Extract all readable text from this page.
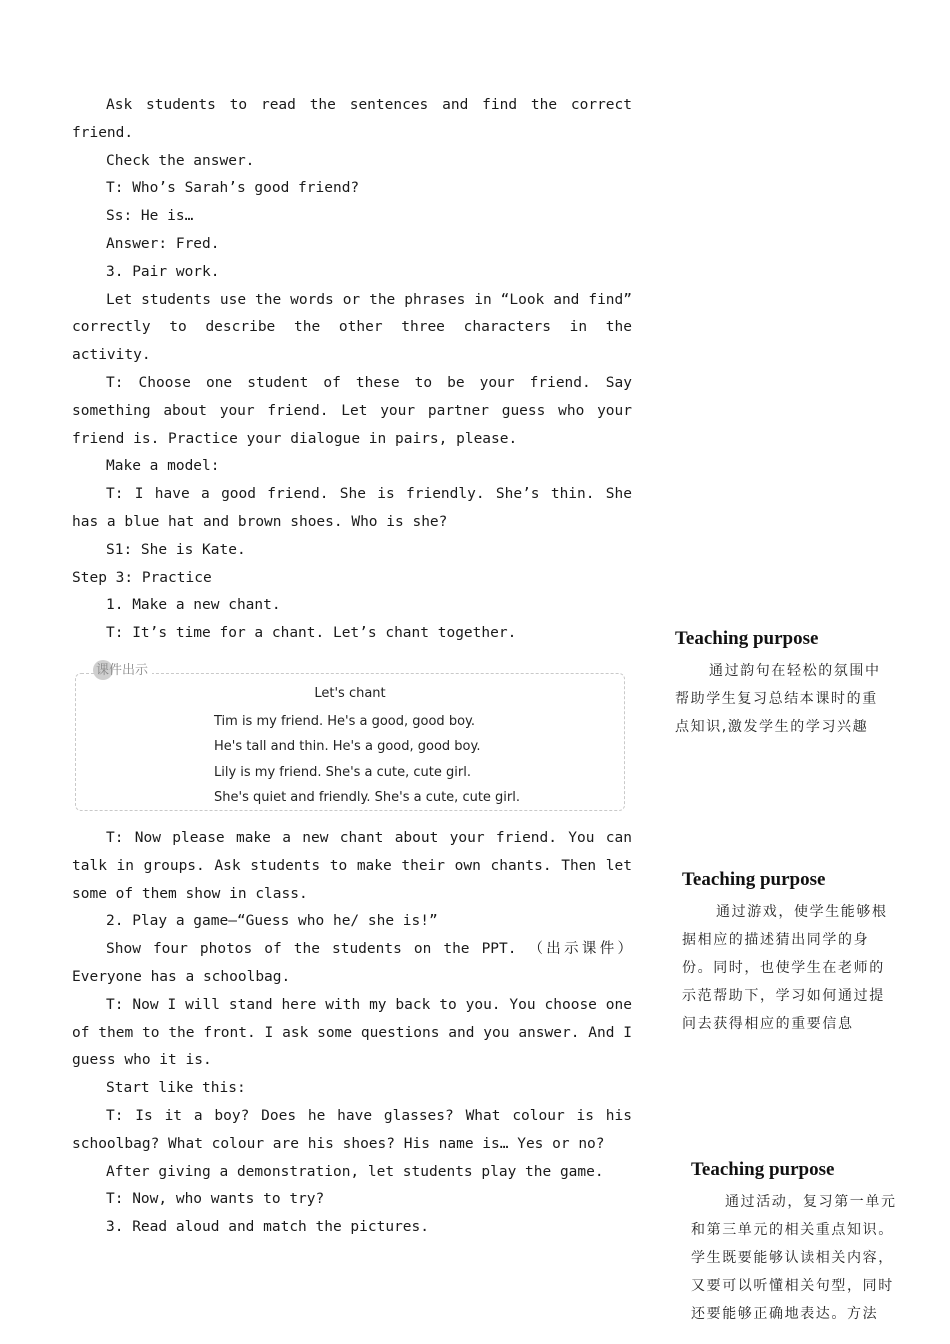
Ask students to read the sentences and find the correct friend.

Check the answer.

T: Who’s Sarah’s good friend?

Ss: He is…

Answer: Fred.

3. Pair work.

Let students use the words or the phrases in “Look and find” correctly to describe the other three characters in the activity.

T: Choose one student of these to be your friend. Say something about your friend. Let your partner guess who your friend is. Practice your dialogue in pairs, please.

Make a model:

T: I have a good friend. She is friendly. She’s thin. She has a blue hat and brown shoes. Who is she?

S1: She is Kate.

Step 3: Practice

1. Make a new chant.

T: It’s time for a chant. Let’s chant together.

课件出示
Let's chant
Tim is my friend. He's a good, good boy.
He's tall and thin. He's a good, good boy.
Lily is my friend. She's a cute, cute girl.
She's quiet and friendly. She's a cute, cute girl.

T: Now please make a new chant about your friend. You can talk in groups. Ask students to make their own chants. Then let some of them show in class.

2. Play a game—“Guess who he/ she is!”

Show four photos of the students on the PPT. （出示课件） Everyone has a schoolbag.

T: Now I will stand here with my back to you. You choose one of them to the front. I ask some questions and you answer. And I guess who it is.

Start like this:

T: Is it a boy? Does he have glasses? What colour is his schoolbag? What colour are his shoes? His name is… Yes or no?

After giving a demonstration, let students play the game.

T: Now, who wants to try?

3. Read aloud and match the pictures.

Teaching purpose

通过韵句在轻松的氛围中帮助学生复习总结本课时的重点知识,激发学生的学习兴趣

Teaching purpose

通过游戏，使学生能够根据相应的描述猜出同学的身份。同时，也使学生在老师的示范帮助下，学习如何通过提问去获得相应的重要信息

Teaching purpose

通过活动，复习第一单元和第三单元的相关重点知识。学生既要能够认读相关内容，又要可以听懂相关句型，同时还要能够正确地表达。方法
